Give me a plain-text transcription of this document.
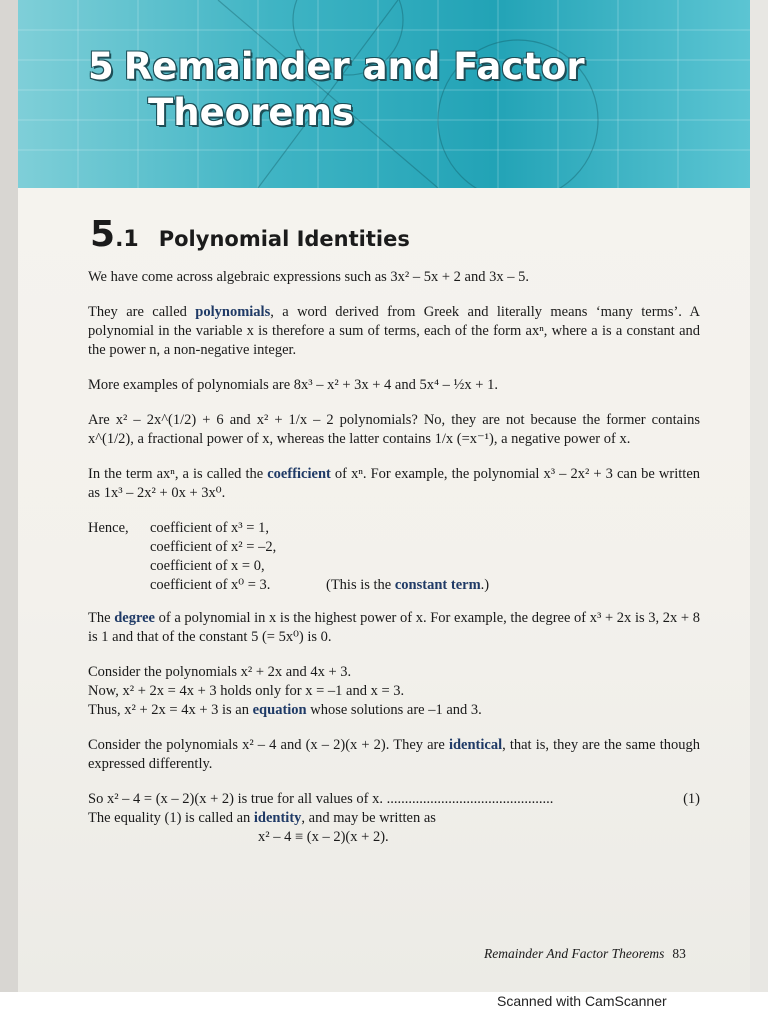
5 Remainder and Factor
Theorems
5.1 Polynomial Identities

We have come across algebraic expressions such as 3x² – 5x + 2 and 3x – 5.

They are called polynomials, a word derived from Greek and literally means ‘many terms’. A polynomial in the variable x is therefore a sum of terms, each of the form axⁿ, where a is a constant and the power n, a non-negative integer.

More examples of polynomials are 8x³ – x² + 3x + 4 and 5x⁴ – ½x + 1.

Are x² – 2x^(1/2) + 6 and x² + 1/x – 2 polynomials? No, they are not because the former contains x^(1/2), a fractional power of x, whereas the latter contains 1/x (=x⁻¹), a negative power of x.

In the term axⁿ, a is called the coefficient of xⁿ. For example, the polynomial x³ – 2x² + 3 can be written as 1x³ – 2x² + 0x + 3x⁰.

Hence,	coefficient of x³ = 1,
coefficient of x² = –2,
coefficient of x = 0,
coefficient of x⁰ = 3.	(This is the constant term.)

The degree of a polynomial in x is the highest power of x. For example, the degree of x³ + 2x is 3, 2x + 8 is 1 and that of the constant 5 (= 5x⁰) is 0.

Consider the polynomials x² + 2x and 4x + 3.
Now, x² + 2x = 4x + 3 holds only for x = –1 and x = 3.
Thus, x² + 2x = 4x + 3 is an equation whose solutions are –1 and 3.

Consider the polynomials x² – 4 and (x – 2)(x + 2). They are identical, that is, they are the same though expressed differently.

So x² – 4 = (x – 2)(x + 2) is true for all values of x. ..............................................	(1)
The equality (1) is called an identity, and may be written as
x² – 4 ≡ (x – 2)(x + 2).
Remainder And Factor Theorems 83
Scanned with CamScanner
